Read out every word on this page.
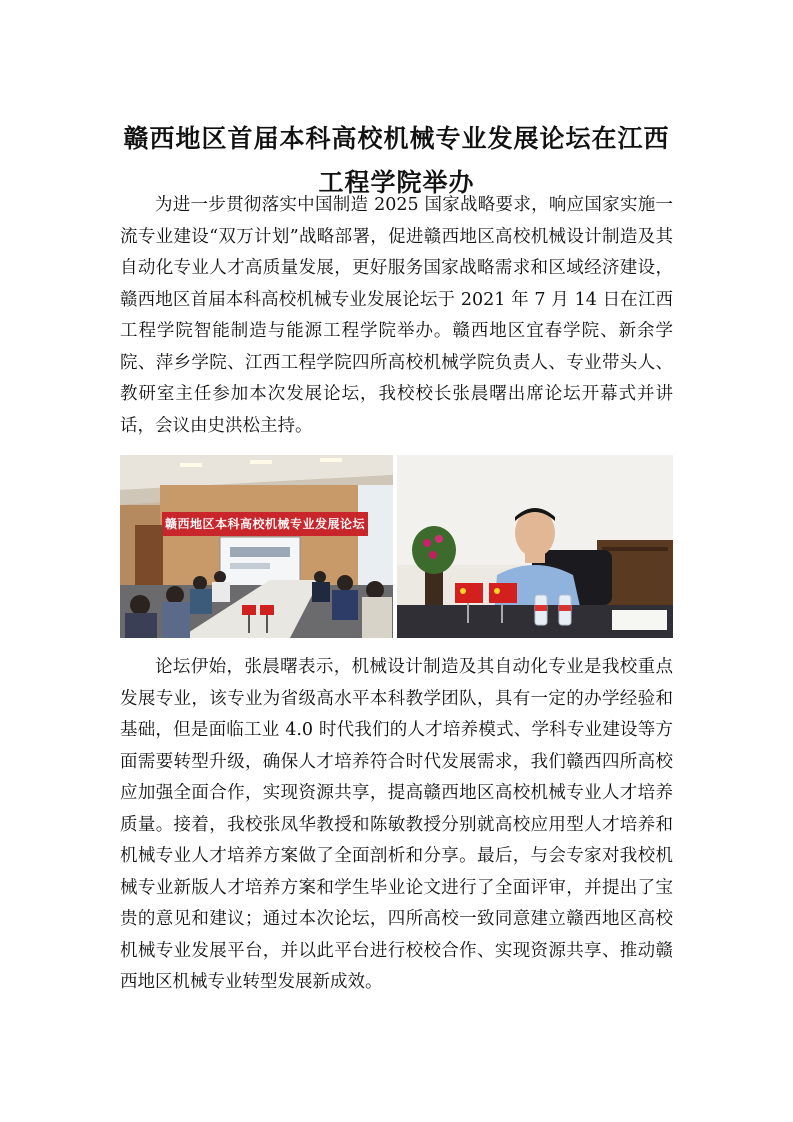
赣西地区首届本科高校机械专业发展论坛在江西工程学院举办

为进一步贯彻落实中国制造 2025 国家战略要求，响应国家实施一流专业建设“双万计划”战略部署，促进赣西地区高校机械设计制造及其自动化专业人才高质量发展，更好服务国家战略需求和区域经济建设，赣西地区首届本科高校机械专业发展论坛于 2021 年 7 月 14 日在江西工程学院智能制造与能源工程学院举办。赣西地区宜春学院、新余学院、萍乡学院、江西工程学院四所高校机械学院负责人、专业带头人、教研室主任参加本次发展论坛，我校校长张晨曙出席论坛开幕式并讲话，会议由史洪松主持。

赣西地区本科高校机械专业发展论坛

论坛伊始，张晨曙表示，机械设计制造及其自动化专业是我校重点发展专业，该专业为省级高水平本科教学团队，具有一定的办学经验和基础，但是面临工业 4.0 时代我们的人才培养模式、学科专业建设等方面需要转型升级，确保人才培养符合时代发展需求，我们赣西四所高校应加强全面合作，实现资源共享，提高赣西地区高校机械专业人才培养质量。接着，我校张凤华教授和陈敏教授分别就高校应用型人才培养和机械专业人才培养方案做了全面剖析和分享。最后，与会专家对我校机械专业新版人才培养方案和学生毕业论文进行了全面评审，并提出了宝贵的意见和建议；通过本次论坛，四所高校一致同意建立赣西地区高校机械专业发展平台，并以此平台进行校校合作、实现资源共享、推动赣西地区机械专业转型发展新成效。
